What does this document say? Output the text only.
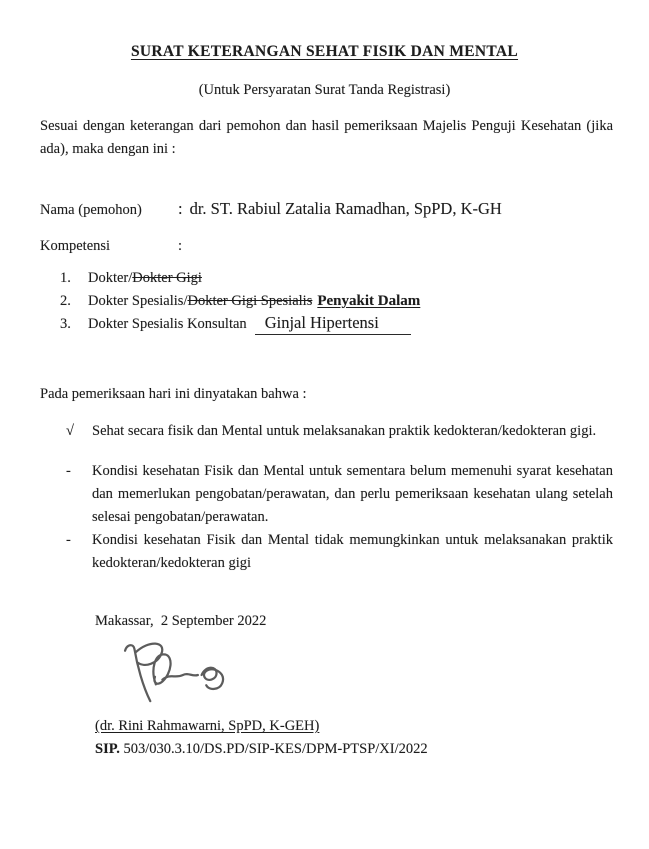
SURAT KETERANGAN SEHAT FISIK DAN MENTAL
(Untuk Persyaratan Surat Tanda Registrasi)
Sesuai dengan keterangan dari pemohon dan hasil pemeriksaan Majelis Penguji Kesehatan (jika ada), maka dengan ini :
Nama (pemohon)	: dr. ST. Rabiul Zatalia Ramadhan, SpPD, K-GH
Kompetensi	:
1.	Dokter/Dokter Gigi
2.	Dokter Spesialis/Dokter Gigi Spesialis Penyakit Dalam
3.	Dokter Spesialis Konsultan Ginjal Hipertensi
Pada pemeriksaan hari ini dinyatakan bahwa :
√	Sehat secara fisik dan Mental untuk melaksanakan praktik kedokteran/kedokteran gigi.
-	Kondisi kesehatan Fisik dan Mental untuk sementara belum memenuhi syarat kesehatan dan memerlukan pengobatan/perawatan, dan perlu pemeriksaan kesehatan ulang setelah selesai pengobatan/perawatan.
-	Kondisi kesehatan Fisik dan Mental tidak memungkinkan untuk melaksanakan praktik kedokteran/kedokteran gigi
Makassar,  2 September 2022
(dr. Rini Rahmawarni, SpPD, K-GEH)
SIP. 503/030.3.10/DS.PD/SIP-KES/DPM-PTSP/XI/2022
